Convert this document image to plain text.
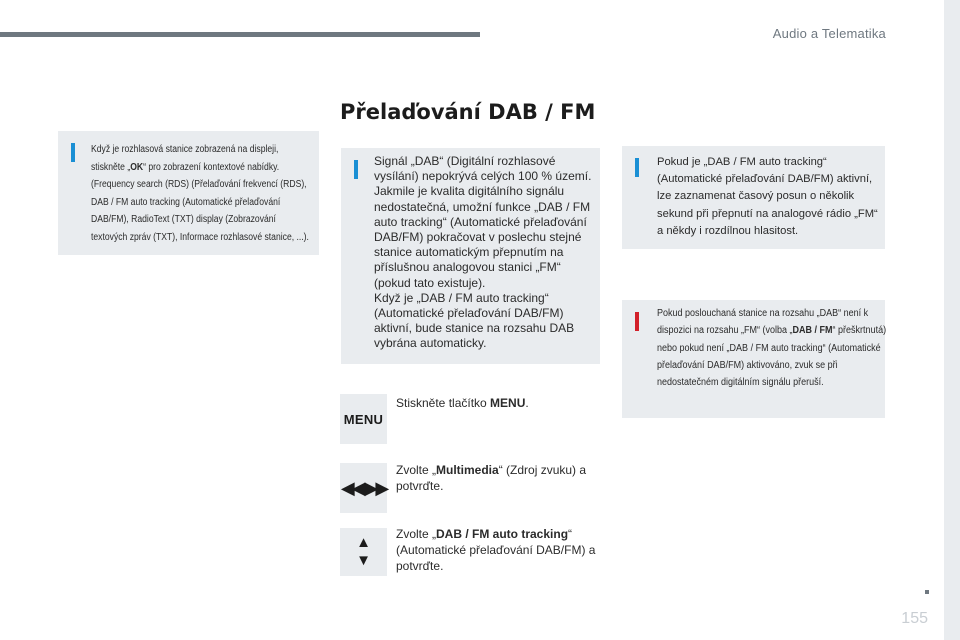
Audio a Telematika
Přelaďování DAB / FM
Když je rozhlasová stanice zobrazená na displeji, stiskněte „OK“ pro zobrazení kontextové nabídky. (Frequency search (RDS) (Přelaďování frekvencí (RDS), DAB / FM auto tracking (Automatické přelaďování DAB/FM), RadioText (TXT) display (Zobrazování textových zpráv (TXT), Informace rozhlasové stanice, ...).
Signál „DAB“ (Digitální rozhlasové vysílání) nepokrývá celých 100 % území.
Jakmile je kvalita digitálního signálu nedostatečná, umožní funkce „DAB / FM auto tracking“ (Automatické přelaďování DAB/FM) pokračovat v poslechu stejné stanice automatickým přepnutím na příslušnou analogovou stanici „FM“ (pokud tato existuje).
Když je „DAB / FM auto tracking“ (Automatické přelaďování DAB/FM) aktivní, bude stanice na rozsahu DAB vybrána automaticky.
Pokud je „DAB / FM auto tracking“ (Automatické přelaďování DAB/FM) aktivní, lze zaznamenat časový posun o několik sekund při přepnutí na analogové rádio „FM“ a někdy i rozdílnou hlasitost.
Pokud poslouchaná stanice na rozsahu „DAB“ není k dispozici na rozsahu „FM“ (volba „DAB / FM“ přeškrtnutá) nebo pokud není „DAB / FM auto tracking“ (Automatické přelaďování DAB/FM) aktivováno, zvuk se při nedostatečném digitálním signálu přeruší.
MENU
Stiskněte tlačítko MENU.
◀◀ ▶▶
Zvolte „Multimedia“ (Zdroj zvuku) a potvrďte.
▲
▼
Zvolte „DAB / FM auto tracking“ (Automatické přelaďování DAB/FM) a potvrďte.
155
